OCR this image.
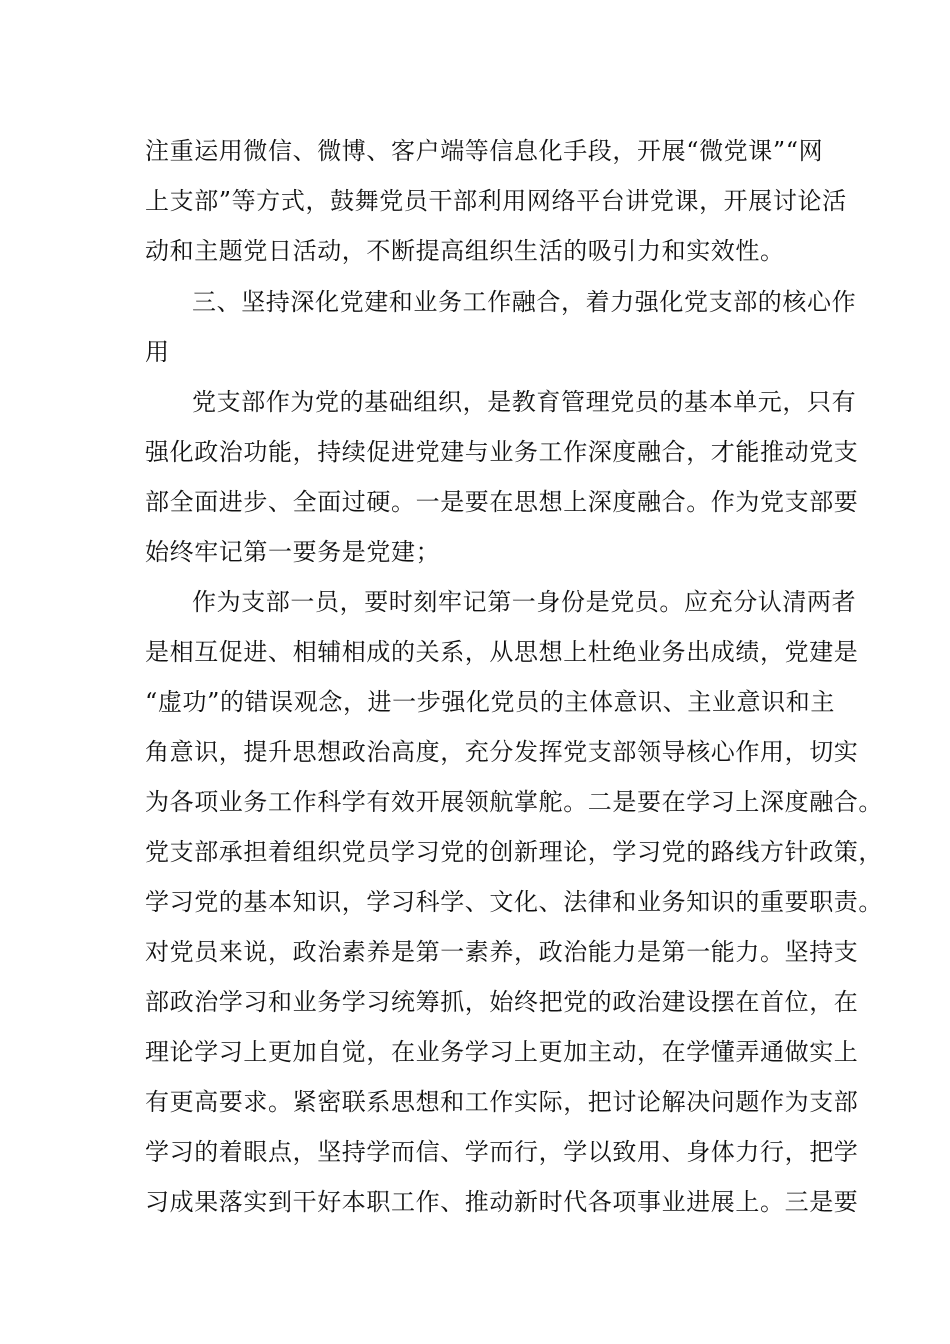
注重运用微信、微博、客户端等信息化手段，开展“微党课”“网
上支部”等方式，鼓舞党员干部利用网络平台讲党课，开展讨论活
动和主题党日活动，不断提高组织生活的吸引力和实效性。
三、坚持深化党建和业务工作融合，着力强化党支部的核心作
用
党支部作为党的基础组织，是教育管理党员的基本单元，只有
强化政治功能，持续促进党建与业务工作深度融合，才能推动党支
部全面进步、全面过硬。一是要在思想上深度融合。作为党支部要
始终牢记第一要务是党建；
作为支部一员，要时刻牢记第一身份是党员。应充分认清两者
是相互促进、相辅相成的关系，从思想上杜绝业务出成绩，党建是
“虚功”的错误观念，进一步强化党员的主体意识、主业意识和主
角意识，提升思想政治高度，充分发挥党支部领导核心作用，切实
为各项业务工作科学有效开展领航掌舵。二是要在学习上深度融合。
党支部承担着组织党员学习党的创新理论，学习党的路线方针政策，
学习党的基本知识，学习科学、文化、法律和业务知识的重要职责。
对党员来说，政治素养是第一素养，政治能力是第一能力。坚持支
部政治学习和业务学习统筹抓，始终把党的政治建设摆在首位，在
理论学习上更加自觉，在业务学习上更加主动，在学懂弄通做实上
有更高要求。紧密联系思想和工作实际，把讨论解决问题作为支部
学习的着眼点，坚持学而信、学而行，学以致用、身体力行，把学
习成果落实到干好本职工作、推动新时代各项事业进展上。三是要
